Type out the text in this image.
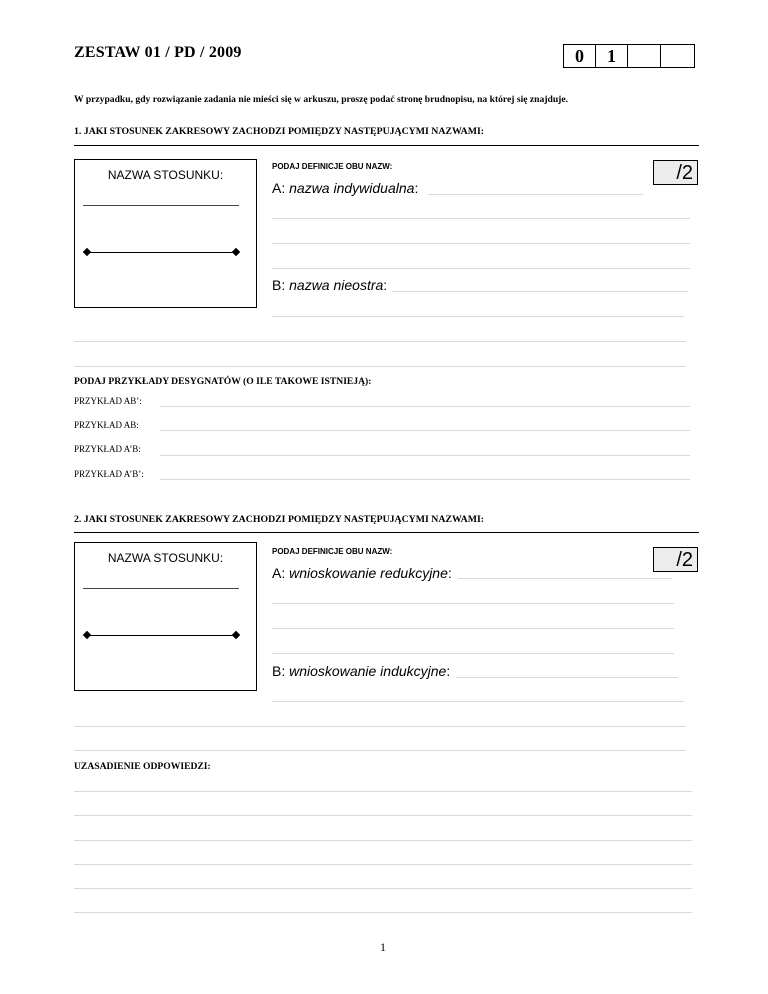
ZESTAW 01 / PD / 2009	0	1
W przypadku, gdy rozwiązanie zadania nie mieści się w arkuszu, proszę podać stronę brudnopisu, na której się znajduje.
1. JAKI STOSUNEK ZAKRESOWY ZACHODZI POMIĘDZY NASTĘPUJĄCYMI NAZWAMI:
NAZWA STOSUNKU:
PODAJ DEFINICJE OBU NAZW:	/2
A: nazwa indywidualna:
B: nazwa nieostra:
PODAJ PRZYKŁADY DESYGNATÓW (O ILE TAKOWE ISTNIEJĄ):
PRZYKŁAD AB’:
PRZYKŁAD AB:
PRZYKŁAD A’B:
PRZYKŁAD A’B’:
2. JAKI STOSUNEK ZAKRESOWY ZACHODZI POMIĘDZY NASTĘPUJĄCYMI NAZWAMI:
NAZWA STOSUNKU:	PODAJ DEFINICJE OBU NAZW:	/2
A: wnioskowanie redukcyjne:
B: wnioskowanie indukcyjne:
UZASADIENIE ODPOWIEDZI:
1
